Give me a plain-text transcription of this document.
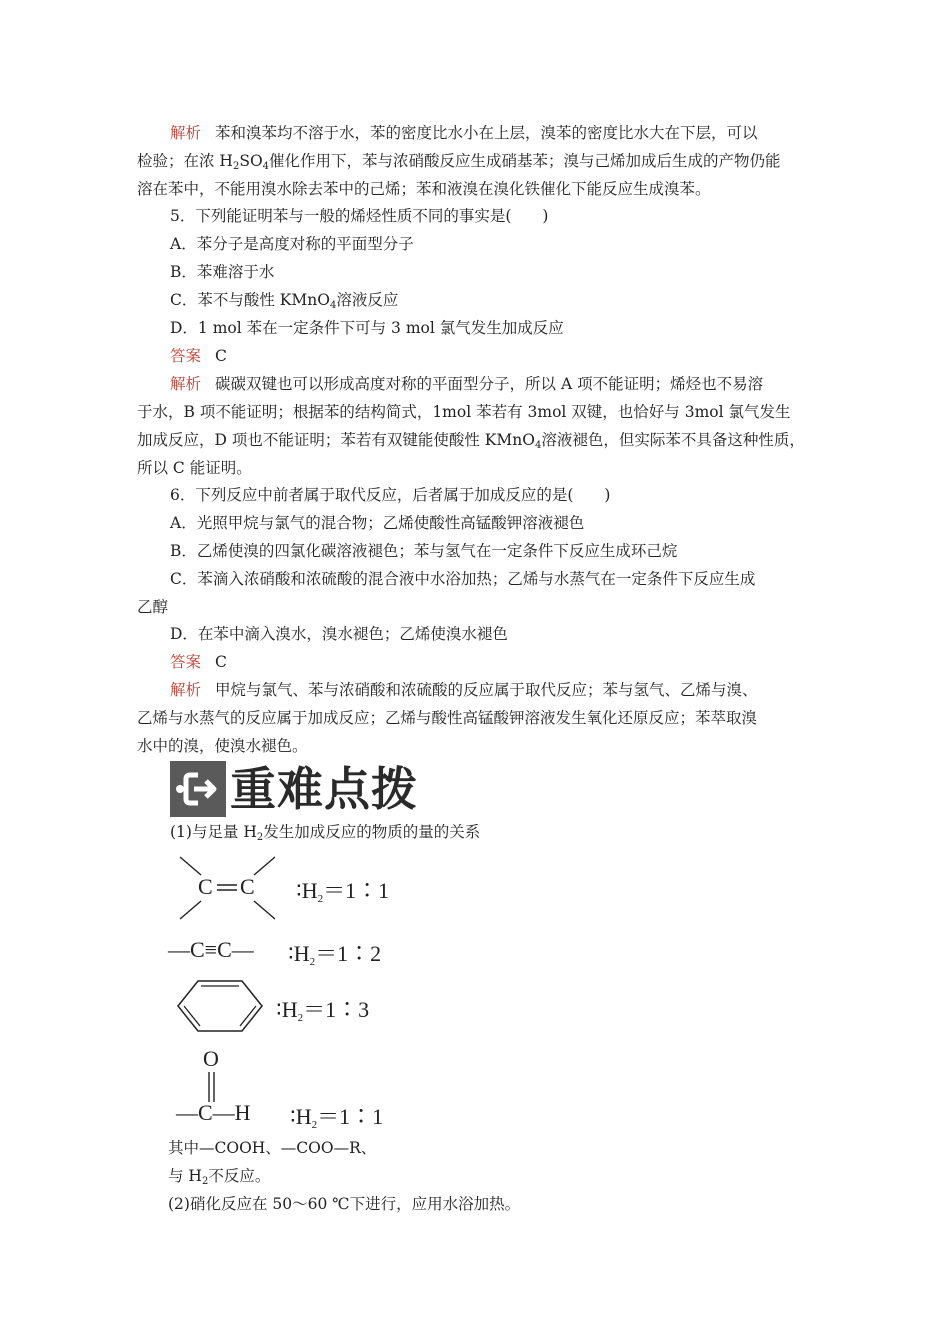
解析 苯和溴苯均不溶于水，苯的密度比水小在上层，溴苯的密度比水大在下层，可以
检验；在浓 $H_2SO_4$催化作用下，苯与浓硝酸反应生成硝基苯；溴与己烯加成后生成的产物仍能
溶在苯中，不能用溴水除去苯中的己烯；苯和液溴在溴化铁催化下能反应生成溴苯。
5．下列能证明苯与一般的烯烃性质不同的事实是(　　)
A．苯分子是高度对称的平面型分子
B．苯难溶于水
C．苯不与酸性 KMnO$_4$溶液反应
D．1 mol 苯在一定条件下可与 3 mol 氯气发生加成反应
答案 C
解析 碳碳双键也可以形成高度对称的平面型分子，所以 A 项不能证明；烯烃也不易溶
于水，B 项不能证明；根据苯的结构简式，1mol 苯若有 3mol 双键，也恰好与 3mol 氯气发生
加成反应，D 项也不能证明；苯若有双键能使酸性 KMnO$_4$溶液褪色，但实际苯不具备这种性质，
所以 C 能证明。
6．下列反应中前者属于取代反应，后者属于加成反应的是(　　)
A．光照甲烷与氯气的混合物；乙烯使酸性高锰酸钾溶液褪色
B．乙烯使溴的四氯化碳溶液褪色；苯与氢气在一定条件下反应生成环己烷
C．苯滴入浓硝酸和浓硫酸的混合液中水浴加热；乙烯与水蒸气在一定条件下反应生成
乙醇
D．在苯中滴入溴水，溴水褪色；乙烯使溴水褪色
答案 C
解析 甲烷与氯气、苯与浓硝酸和浓硫酸的反应属于取代反应；苯与氢气、乙烯与溴、
乙烯与水蒸气的反应属于加成反应；乙烯与酸性高锰酸钾溶液发生氧化还原反应；苯萃取溴
水中的溴，使溴水褪色。
重难点拨
(1)与足量 $H_2$发生加成反应的物质的量的关系
C C ∶H2＝1∶1
—C≡C— ∶H2＝1∶2
∶H2＝1∶3
O
—C—H ∶H2＝1∶1
其中—COOH、—COO—R、
与 $H_2$不反应。
(2)硝化反应在 50～60 ℃下进行，应用水浴加热。
